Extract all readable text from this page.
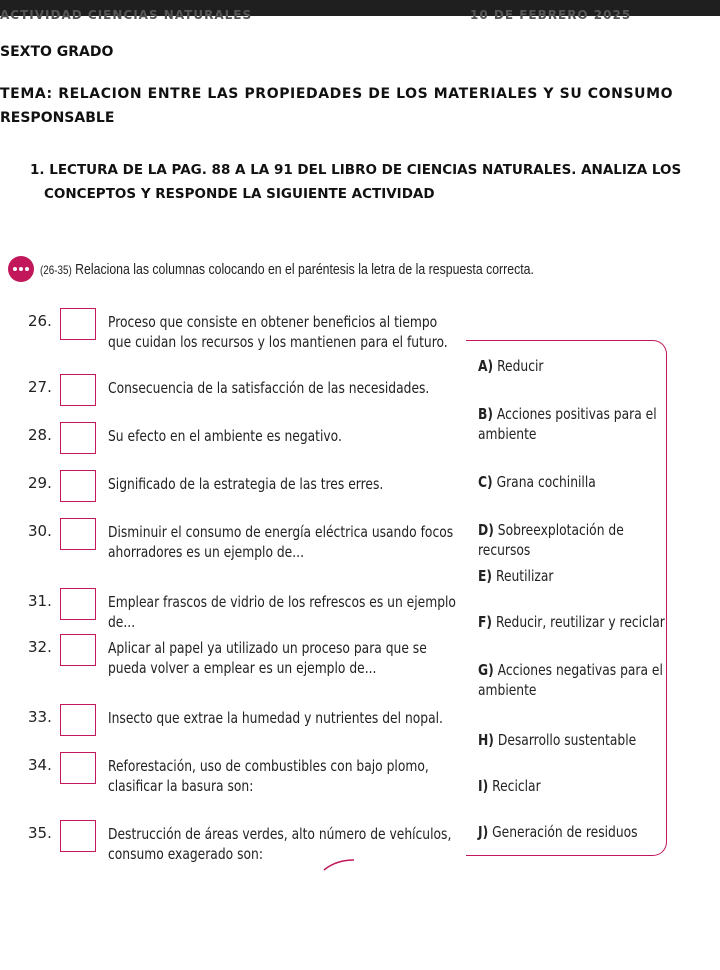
ACTIVIDAD CIENCIAS NATURALES	10 DE FEBRERO 2025
SEXTO GRADO
TEMA: RELACION ENTRE LAS PROPIEDADES DE LOS MATERIALES Y SU CONSUMO
RESPONSABLE
1. LECTURA DE LA PAG. 88 A LA 91 DEL LIBRO DE CIENCIAS NATURALES. ANALIZA LOS
CONCEPTOS Y RESPONDE LA SIGUIENTE ACTIVIDAD
(26-35) Relaciona las columnas colocando en el paréntesis la letra de la respuesta correcta.
26.	Proceso que consiste en obtener beneficios al tiempo que cuidan los recursos y los mantienen para el futuro.
27.	Consecuencia de la satisfacción de las necesidades.
28.	Su efecto en el ambiente es negativo.
29.	Significado de la estrategia de las tres erres.
30.	Disminuir el consumo de energía eléctrica usando focos ahorradores es un ejemplo de...
31.	Emplear frascos de vidrio de los refrescos es un ejemplo de...
32.	Aplicar al papel ya utilizado un proceso para que se pueda volver a emplear es un ejemplo de...
33.	Insecto que extrae la humedad y nutrientes del nopal.
34.	Reforestación, uso de combustibles con bajo plomo, clasificar la basura son:
35.	Destrucción de áreas verdes, alto número de vehículos, consumo exagerado son:
A) Reducir
B) Acciones positivas para el ambiente
C) Grana cochinilla
D) Sobreexplotación de recursos
E) Reutilizar
F) Reducir, reutilizar y reciclar
G) Acciones negativas para el ambiente
H) Desarrollo sustentable
I) Reciclar
J) Generación de residuos
